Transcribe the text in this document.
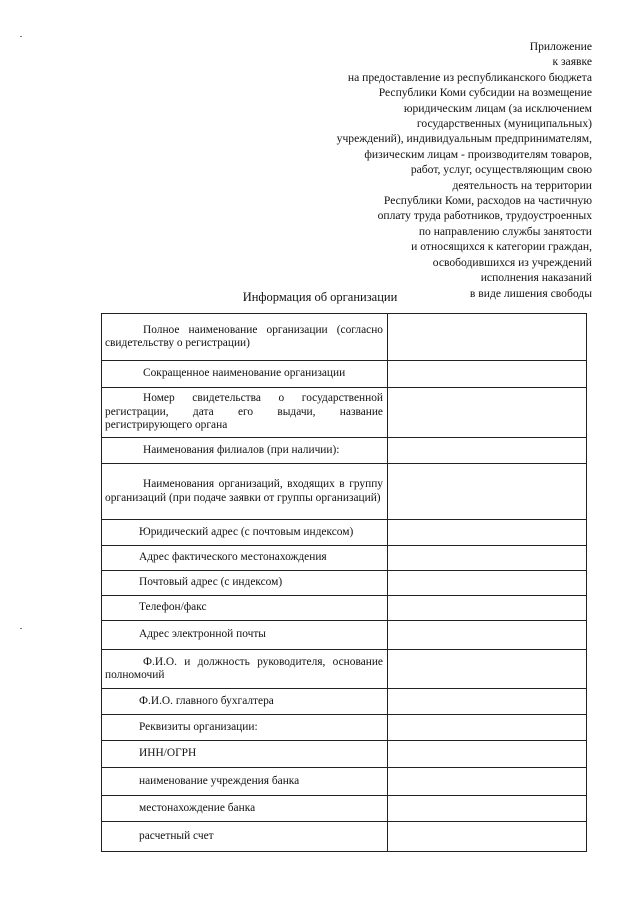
Приложение
к заявке
на предоставление из республиканского бюджета
Республики Коми субсидии на возмещение
юридическим лицам (за исключением
государственных (муниципальных)
учреждений), индивидуальным предпринимателям,
физическим лицам - производителям товаров,
работ, услуг, осуществляющим свою
деятельность на территории
Республики Коми, расходов на частичную
оплату труда работников, трудоустроенных
по направлению службы занятости
и относящихся к категории граждан,
освободившихся из учреждений
исполнения наказаний
в виде лишения свободы
Информация об организации
Полное наименование организации (согласно свидетельству о регистрации)	
Сокращенное наименование организации	
Номер свидетельства о государственной регистрации, дата его выдачи, название регистрирующего органа	
Наименования филиалов (при наличии):	
Наименования организаций, входящих в группу организаций (при подаче заявки от группы организаций)	
Юридический адрес (с почтовым индексом)	
Адрес фактического местонахождения	
Почтовый адрес (с индексом)	
Телефон/факс	
Адрес электронной почты	
Ф.И.О. и должность руководителя, основание полномочий	
Ф.И.О. главного бухгалтера	
Реквизиты организации:	
ИНН/ОГРН	
наименование учреждения банка	
местонахождение банка	
расчетный счет	
